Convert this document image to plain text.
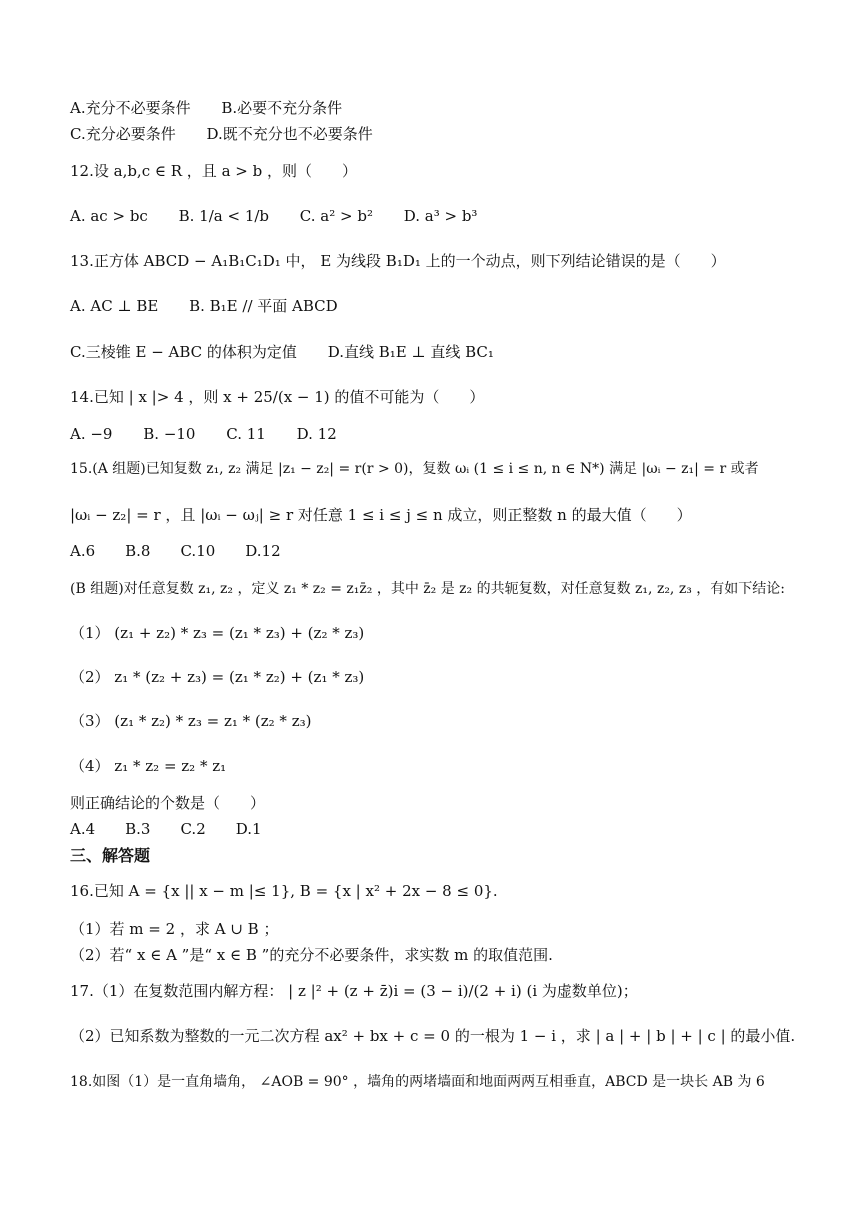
A.充分不必要条件 B.必要不充分条件
C.充分必要条件 D.既不充分也不必要条件
12.设 a,b,c ∈ R ，且 a > b ，则（　　）
A. ac > bc B. 1/a < 1/b C. a² > b² D. a³ > b³
13.正方体 ABCD − A₁B₁C₁D₁ 中， E 为线段 B₁D₁ 上的一个动点，则下列结论错误的是（　　）
A. AC ⊥ BE B. B₁E // 平面 ABCD
C.三棱锥 E − ABC 的体积为定值 D.直线 B₁E ⊥ 直线 BC₁
14.已知 | x |> 4 ，则 x + 25/(x − 1) 的值不可能为（　　）
A. −9 B. −10 C. 11 D. 12
15.(A 组题)已知复数 z₁, z₂ 满足 |z₁ − z₂| = r(r > 0)，复数 ωᵢ (1 ≤ i ≤ n, n ∈ N*) 满足 |ωᵢ − z₁| = r 或者
|ωᵢ − z₂| = r ，且 |ωᵢ − ωⱼ| ≥ r 对任意 1 ≤ i ≤ j ≤ n 成立，则正整数 n 的最大值（　　）
A.6　　B.8　　C.10　　D.12
(B 组题)对任意复数 z₁, z₂ ，定义 z₁ * z₂ = z₁z̄₂ ，其中 z̄₂ 是 z₂ 的共轭复数，对任意复数 z₁, z₂, z₃ ，有如下结论:
（1） (z₁ + z₂) * z₃ = (z₁ * z₃) + (z₂ * z₃)
（2） z₁ * (z₂ + z₃) = (z₁ * z₂) + (z₁ * z₃)
（3） (z₁ * z₂) * z₃ = z₁ * (z₂ * z₃)
（4） z₁ * z₂ = z₂ * z₁
则正确结论的个数是（　　）
A.4　　B.3　　C.2　　D.1
三、解答题
16.已知 A = {x || x − m |≤ 1}, B = {x | x² + 2x − 8 ≤ 0}.
（1）若 m = 2 ，求 A ∪ B ；
（2）若“ x ∈ A ”是“ x ∈ B ”的充分不必要条件，求实数 m 的取值范围.
17.（1）在复数范围内解方程： | z |² + (z + z̄)i = (3 − i)/(2 + i) (i 为虚数单位)；
（2）已知系数为整数的一元二次方程 ax² + bx + c = 0 的一根为 1 − i ，求 | a | + | b | + | c | 的最小值.
18.如图（1）是一直角墙角， ∠AOB = 90° ，墙角的两堵墙面和地面两两互相垂直，ABCD 是一块长 AB 为 6
